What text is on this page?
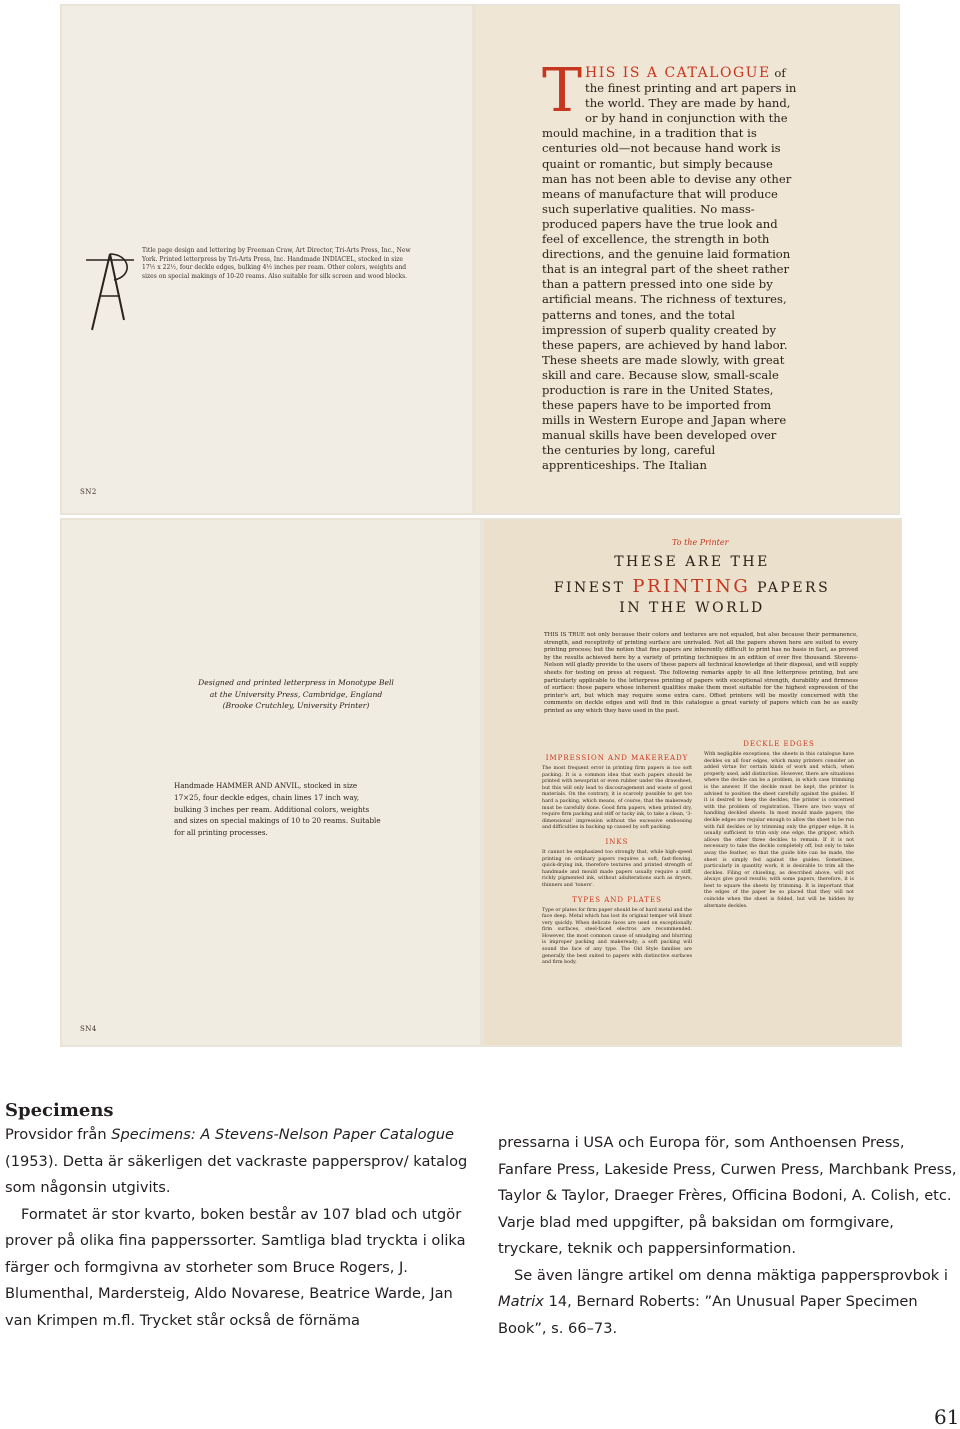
Title page design and lettering by Freeman Craw, Art Director, Tri-Arts Press, Inc., New York. Printed letterpress by Tri-Arts Press, Inc. Handmade INDIACEL, stocked in size 17½ x 22½, four deckle edges, bulking 4½ inches per ream. Other colors, weights and sizes on special makings of 10-20 reams. Also suitable for silk screen and wood blocks.
SN2
THIS IS A CATALOGUE of the finest printing and art papers in the world. They are made by hand, or by hand in conjunction with the mould machine, in a tradition that is centuries old—not because hand work is quaint or romantic, but simply because man has not been able to devise any other means of manufacture that will produce such superlative qualities. No mass-produced papers have the true look and feel of excellence, the strength in both directions, and the genuine laid formation that is an integral part of the sheet rather than a pattern pressed into one side by artificial means. The richness of textures, patterns and tones, and the total impression of superb quality created by these papers, are achieved by hand labor. These sheets are made slowly, with great skill and care. Because slow, small-scale production is rare in the United States, these papers have to be imported from mills in Western Europe and Japan where manual skills have been developed over the centuries by long, careful apprenticeships. The Italian
SN4
Designed and printed letterpress in Monotype Bell at the University Press, Cambridge, England (Brooke Crutchley, University Printer)
Handmade HAMMER AND ANVIL, stocked in size 17×25, four deckle edges, chain lines 17 inch way, bulking 3 inches per ream. Additional colors, weights and sizes on special makings of 10 to 20 reams. Suitable for all printing processes.
To the Printer
THESE ARE THE
FINEST PRINTING PAPERS
IN THE WORLD
THIS IS TRUE not only because their colors and textures are not equaled, but also because their permanence, strength, and receptivity of printing surface are unrivaled. Not all the papers shown here are suited to every printing process; but the notion that fine papers are inherently difficult to print has no basis in fact, as proved by the results achieved here by a variety of printing techniques in an edition of over five thousand. Stevens-Nelson will gladly provide to the users of these papers all technical knowledge at their disposal, and will supply sheets for testing on press at request. The following remarks apply to all fine letterpress printing, but are particularly applicable to the letterpress printing of papers with exceptional strength, durability and firmness of surface: those papers whose inherent qualities make them most suitable for the highest expression of the printer's art, but which may require some extra care. Offset printers will be mostly concerned with the comments on deckle edges and will find in this catalogue a great variety of papers which can be as easily printed as any which they have used in the past.
IMPRESSION AND MAKEREADY
The most frequent error in printing firm papers is too soft packing. It is a common idea that such papers should be printed with newsprint or even rubber under the drawsheet, but this will only lead to discouragement and waste of good materials. On the contrary, it is scarcely possible to get too hard a packing, which means, of course, that the makeready must be carefully done. Good firm papers, when printed dry, require firm packing and stiff or tacky ink, to take a clean, '3-dimensional' impression without the excessive embossing and difficulties in backing up caused by soft packing.
INKS
It cannot be emphasized too strongly that, while high-speed printing on ordinary papers requires a soft, fast-flowing, quick-drying ink, therefore textures and printed strength of handmade and mould made papers usually require a stiff, richly pigmented ink, without adulterations such as dryers, thinners and 'toners'.
TYPES AND PLATES
Type or plates for firm paper should be of hard metal and the face deep. Metal which has lost its original temper will blunt very quickly. When delicate faces are used on exceptionally firm surfaces, steel-faced electros are recommended. However, the most common cause of smudging and blurring is improper packing and makeready; a soft packing will sound the face of any type. The Old Style families are generally the best suited to papers with distinctive surfaces and firm body.
DECKLE EDGES
With negligible exceptions, the sheets in this catalogue have deckles on all four edges, which many printers consider an added virtue for certain kinds of work and which, when properly used, add distinction. However, there are situations where the deckle can be a problem, in which case trimming is the answer. If the deckle must be kept, the printer is advised to position the sheet carefully against the guides. If it is desired to keep the deckles, the printer is concerned with the problem of registration. There are two ways of handling deckled sheets. In most mould made papers, the deckle edges are regular enough to allow the sheet to be run with full deckles or by trimming only the gripper edge. It is usually sufficient to trim only one edge, the gripper, which allows the other three deckles to remain. If it is not necessary to take the deckle completely off, but only to take away the feather, so that the guide bite can be made, the sheet is simply fed against the guides. Sometimes, particularly in quantity work, it is desirable to trim all the deckles. Filing or chiseling, as described above, will not always give good results; with some papers, therefore, it is best to square the sheets by trimming. It is important that the edges of the paper be so placed that they will not coincide when the sheet is folded, but will be hidden by alternate deckles.
Specimens

Provsidor från Specimens: A Stevens-Nelson Paper Catalogue (1953). Detta är säkerligen det vackraste pappersprov/ katalog som någonsin utgivits.

Formatet är stor kvarto, boken består av 107 blad och utgör prover på olika fina papperssorter. Samtliga blad tryckta i olika färger och formgivna av storheter som Bruce Rogers, J. Blumenthal, Mardersteig, Aldo Novarese, Beatrice Warde, Jan van Krimpen m.fl. Trycket står också de förnäma

pressarna i USA och Europa för, som Anthoensen Press, Fanfare Press, Lakeside Press, Curwen Press, Marchbank Press, Taylor & Taylor, Draeger Frères, Officina Bodoni, A. Colish, etc. Varje blad med uppgifter, på baksidan om formgivare, tryckare, teknik och pappersinformation.

Se även längre artikel om denna mäktiga pappersprovbok i Matrix 14, Bernard Roberts: ”An Unusual Paper Specimen Book”, s. 66–73.

61
